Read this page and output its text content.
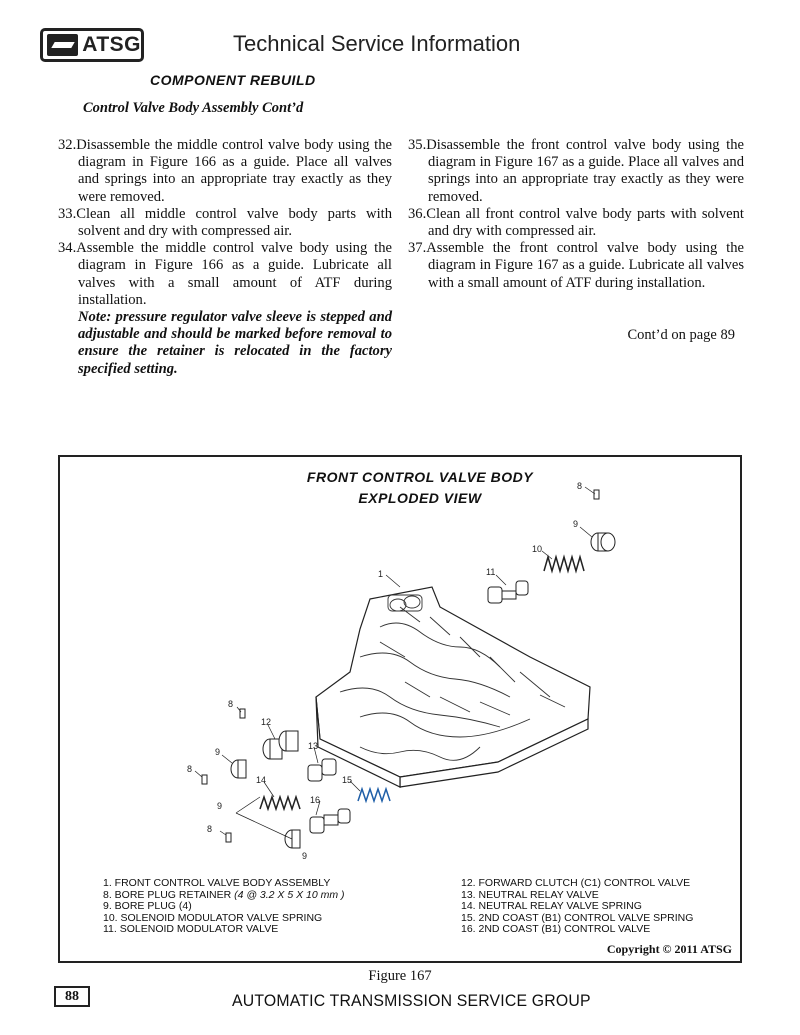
ATSG	Technical Service Information
COMPONENT REBUILD
Control Valve Body Assembly Cont’d

32.Disassemble the middle control valve body using the diagram in Figure 166 as a guide. Place all valves and springs into an appropriate tray exactly as they were removed.

33.Clean all middle control valve body parts with solvent and dry with compressed air.

34.Assemble the middle control valve body using the diagram in Figure 166 as a guide. Lubricate all valves with a small amount of ATF during installation.

Note: pressure regulator valve sleeve is stepped and adjustable and should be marked before removal to ensure the retainer is relocated in the factory specified setting.

35.Disassemble the front control valve body using the diagram in Figure 167 as a guide. Place all valves and springs into an appropriate tray exactly as they were removed.

36.Clean all front control valve body parts with solvent and dry with compressed air.

37.Assemble the front control valve body using the diagram in Figure 167 as a guide. Lubricate all valves with a small amount of ATF during installation.

Cont’d on page 89
FRONT CONTROL VALVE BODY
EXPLODED VIEW
8
9
10
11
1
8
12
13
9
8
14	15
9
16
8
9
1. FRONT CONTROL VALVE BODY ASSEMBLY
8. BORE PLUG RETAINER (4 @ 3.2 X 5 X 10 mm )
9. BORE PLUG (4)
10. SOLENOID MODULATOR VALVE SPRING
11. SOLENOID MODULATOR VALVE
12. FORWARD CLUTCH (C1) CONTROL VALVE
13. NEUTRAL RELAY VALVE
14. NEUTRAL RELAY VALVE SPRING
15. 2ND COAST (B1) CONTROL VALVE SPRING
16. 2ND COAST (B1) CONTROL VALVE
Copyright © 2011 ATSG
Figure 167
88	AUTOMATIC TRANSMISSION SERVICE GROUP
